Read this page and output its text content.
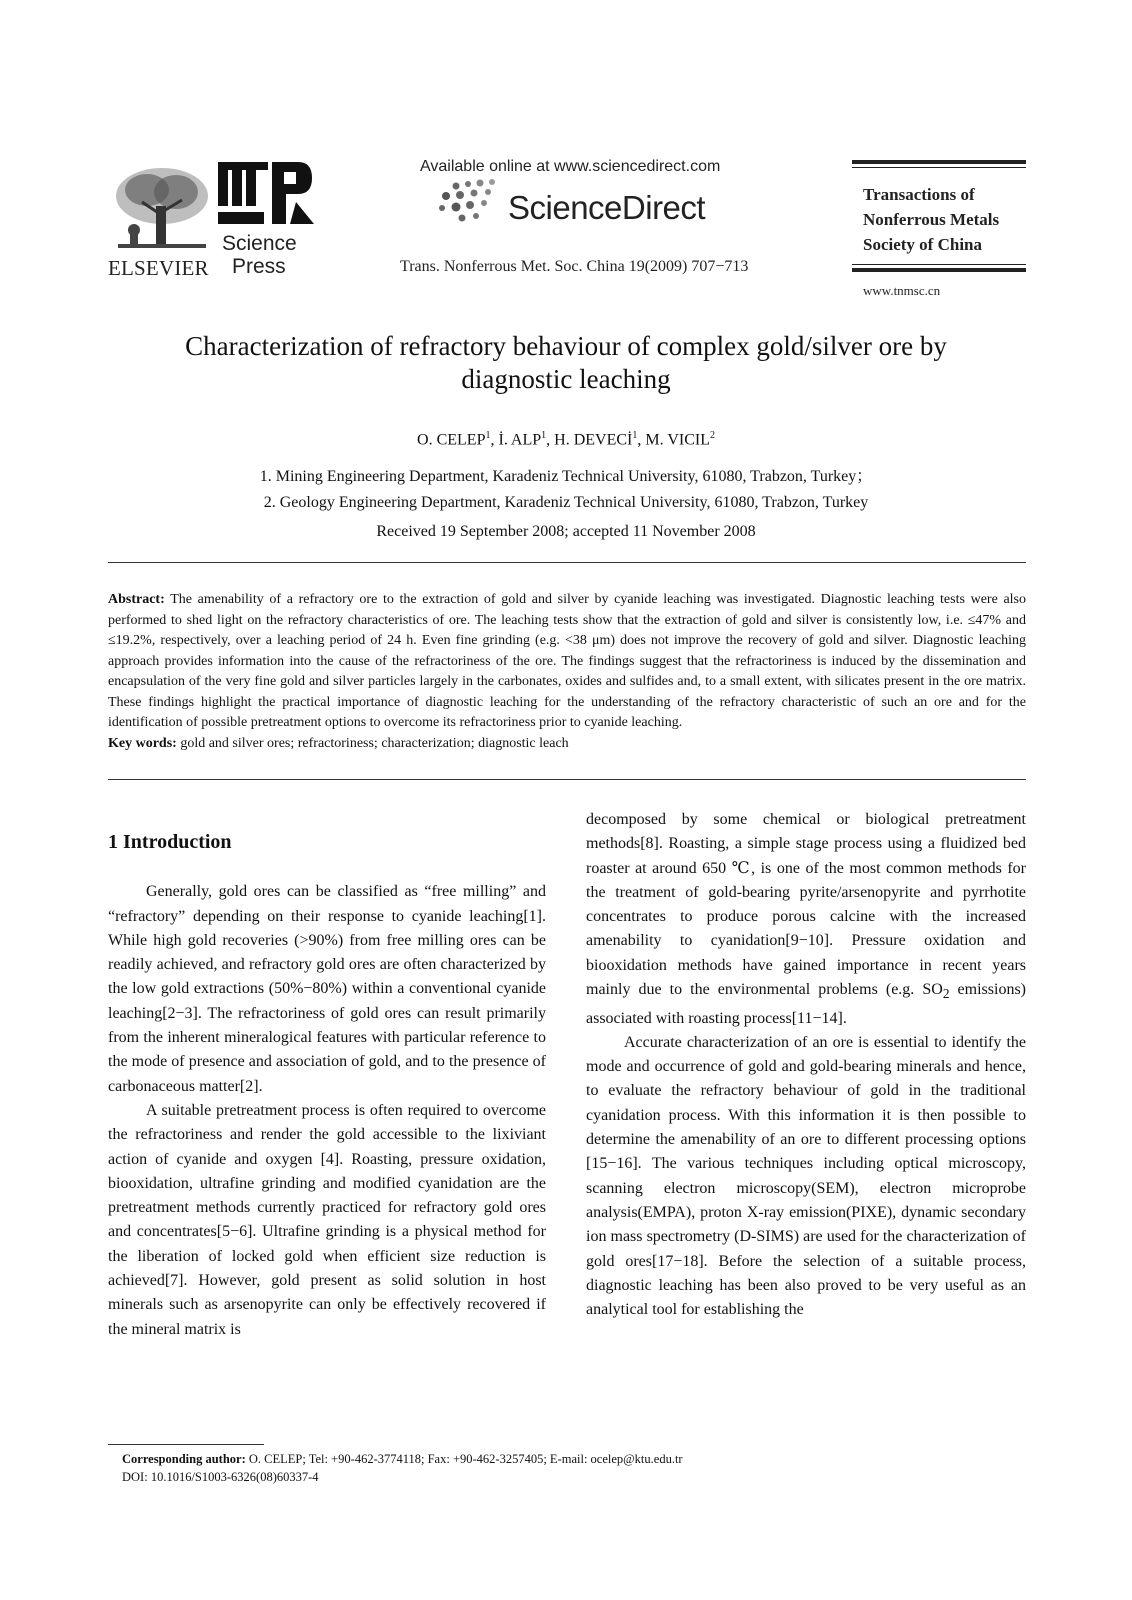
ELSEVIER
Science
Press
Available online at www.sciencedirect.com
ScienceDirect
Trans. Nonferrous Met. Soc. China 19(2009) 707−713
Transactions of
Nonferrous Metals
Society of China
www.tnmsc.cn
Characterization of refractory behaviour of complex gold/silver ore by
diagnostic leaching
O. CELEP$^1$, İ. ALP$^1$, H. DEVECİ$^1$, M. VICIL$^2$
1. Mining Engineering Department, Karadeniz Technical University, 61080, Trabzon, Turkey；
2. Geology Engineering Department, Karadeniz Technical University, 61080, Trabzon, Turkey
Received 19 September 2008; accepted 11 November 2008
Abstract: The amenability of a refractory ore to the extraction of gold and silver by cyanide leaching was investigated. Diagnostic leaching tests were also performed to shed light on the refractory characteristics of ore. The leaching tests show that the extraction of gold and silver is consistently low, i.e. ≤47% and ≤19.2%, respectively, over a leaching period of 24 h. Even fine grinding (e.g. <38 μm) does not improve the recovery of gold and silver. Diagnostic leaching approach provides information into the cause of the refractoriness of the ore. The findings suggest that the refractoriness is induced by the dissemination and encapsulation of the very fine gold and silver particles largely in the carbonates, oxides and sulfides and, to a small extent, with silicates present in the ore matrix. These findings highlight the practical importance of diagnostic leaching for the understanding of the refractory characteristic of such an ore and for the identification of possible pretreatment options to overcome its refractoriness prior to cyanide leaching.
Key words: gold and silver ores; refractoriness; characterization; diagnostic leach
1 Introduction

Generally, gold ores can be classified as “free milling” and “refractory” depending on their response to cyanide leaching[1]. While high gold recoveries (>90%) from free milling ores can be readily achieved, and refractory gold ores are often characterized by the low gold extractions (50%−80%) within a conventional cyanide leaching[2−3]. The refractoriness of gold ores can result primarily from the inherent mineralogical features with particular reference to the mode of presence and association of gold, and to the presence of carbonaceous matter[2].

A suitable pretreatment process is often required to overcome the refractoriness and render the gold accessible to the lixiviant action of cyanide and oxygen [4]. Roasting, pressure oxidation, biooxidation, ultrafine grinding and modified cyanidation are the pretreatment methods currently practiced for refractory gold ores and concentrates[5−6]. Ultrafine grinding is a physical method for the liberation of locked gold when efficient size reduction is achieved[7]. However, gold present as solid solution in host minerals such as arsenopyrite can only be effectively recovered if the mineral matrix is

decomposed by some chemical or biological pretreatment methods[8]. Roasting, a simple stage process using a fluidized bed roaster at around 650 ℃, is one of the most common methods for the treatment of gold-bearing pyrite/arsenopyrite and pyrrhotite concentrates to produce porous calcine with the increased amenability to cyanidation[9−10]. Pressure oxidation and biooxidation methods have gained importance in recent years mainly due to the environmental problems (e.g. $SO_2$ emissions) associated with roasting process[11−14].

Accurate characterization of an ore is essential to identify the mode and occurrence of gold and gold-bearing minerals and hence, to evaluate the refractory behaviour of gold in the traditional cyanidation process. With this information it is then possible to determine the amenability of an ore to different processing options [15−16]. The various techniques including optical microscopy, scanning electron microscopy(SEM), electron microprobe analysis(EMPA), proton X-ray emission(PIXE), dynamic secondary ion mass spectrometry (D-SIMS) are used for the characterization of gold ores[17−18]. Before the selection of a suitable process, diagnostic leaching has been also proved to be very useful as an analytical tool for establishing the

Corresponding author: O. CELEP; Tel: +90-462-3774118; Fax: +90-462-3257405; E-mail: ocelep@ktu.edu.tr
DOI: 10.1016/S1003-6326(08)60337-4
